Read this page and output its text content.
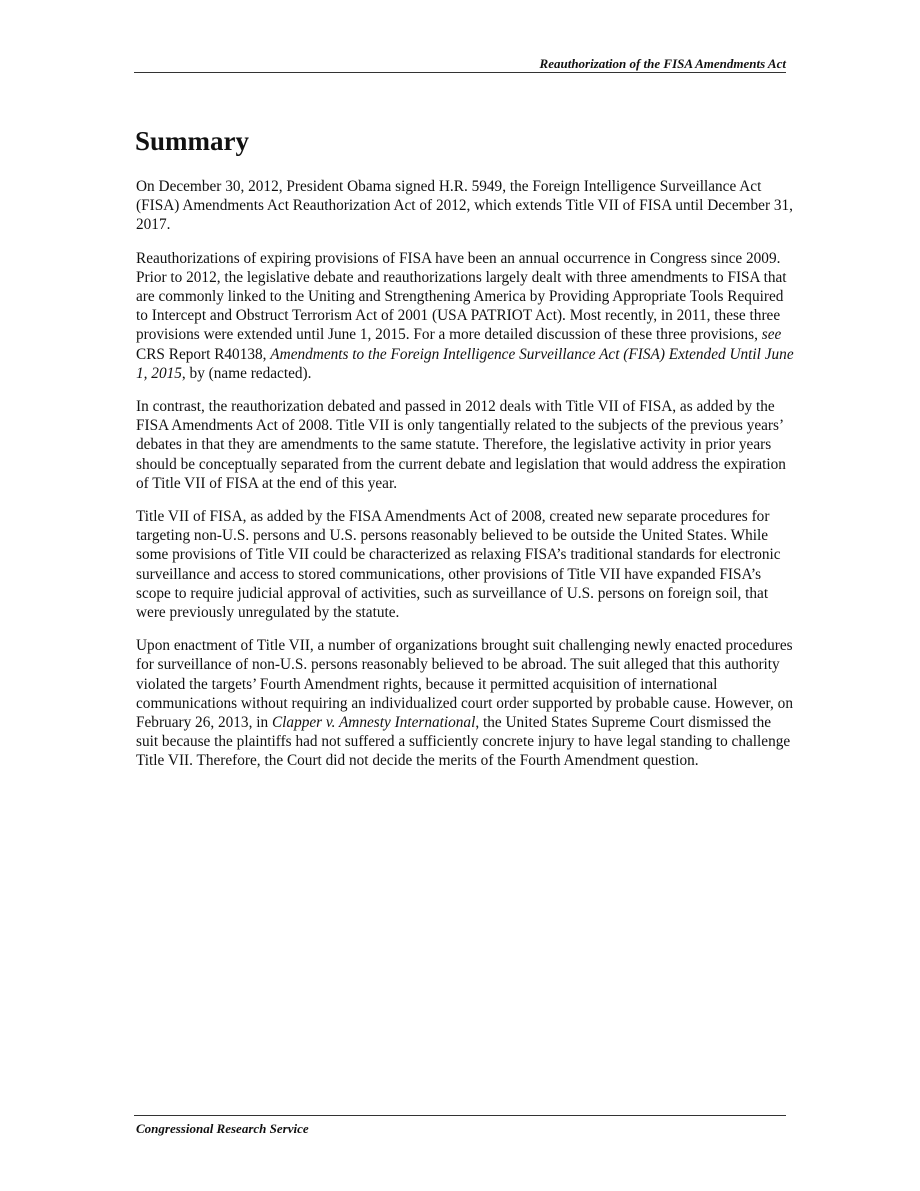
Reauthorization of the FISA Amendments Act
Summary

On December 30, 2012, President Obama signed H.R. 5949, the Foreign Intelligence Surveillance Act (FISA) Amendments Act Reauthorization Act of 2012, which extends Title VII of FISA until December 31, 2017.

Reauthorizations of expiring provisions of FISA have been an annual occurrence in Congress since 2009. Prior to 2012, the legislative debate and reauthorizations largely dealt with three amendments to FISA that are commonly linked to the Uniting and Strengthening America by Providing Appropriate Tools Required to Intercept and Obstruct Terrorism Act of 2001 (USA PATRIOT Act). Most recently, in 2011, these three provisions were extended until June 1, 2015. For a more detailed discussion of these three provisions, see CRS Report R40138, Amendments to the Foreign Intelligence Surveillance Act (FISA) Extended Until June 1, 2015, by (name redacted).

In contrast, the reauthorization debated and passed in 2012 deals with Title VII of FISA, as added by the FISA Amendments Act of 2008. Title VII is only tangentially related to the subjects of the previous years’ debates in that they are amendments to the same statute. Therefore, the legislative activity in prior years should be conceptually separated from the current debate and legislation that would address the expiration of Title VII of FISA at the end of this year.

Title VII of FISA, as added by the FISA Amendments Act of 2008, created new separate procedures for targeting non-U.S. persons and U.S. persons reasonably believed to be outside the United States. While some provisions of Title VII could be characterized as relaxing FISA’s traditional standards for electronic surveillance and access to stored communications, other provisions of Title VII have expanded FISA’s scope to require judicial approval of activities, such as surveillance of U.S. persons on foreign soil, that were previously unregulated by the statute.

Upon enactment of Title VII, a number of organizations brought suit challenging newly enacted procedures for surveillance of non-U.S. persons reasonably believed to be abroad. The suit alleged that this authority violated the targets’ Fourth Amendment rights, because it permitted acquisition of international communications without requiring an individualized court order supported by probable cause. However, on February 26, 2013, in Clapper v. Amnesty International, the United States Supreme Court dismissed the suit because the plaintiffs had not suffered a sufficiently concrete injury to have legal standing to challenge Title VII. Therefore, the Court did not decide the merits of the Fourth Amendment question.

Congressional Research Service
